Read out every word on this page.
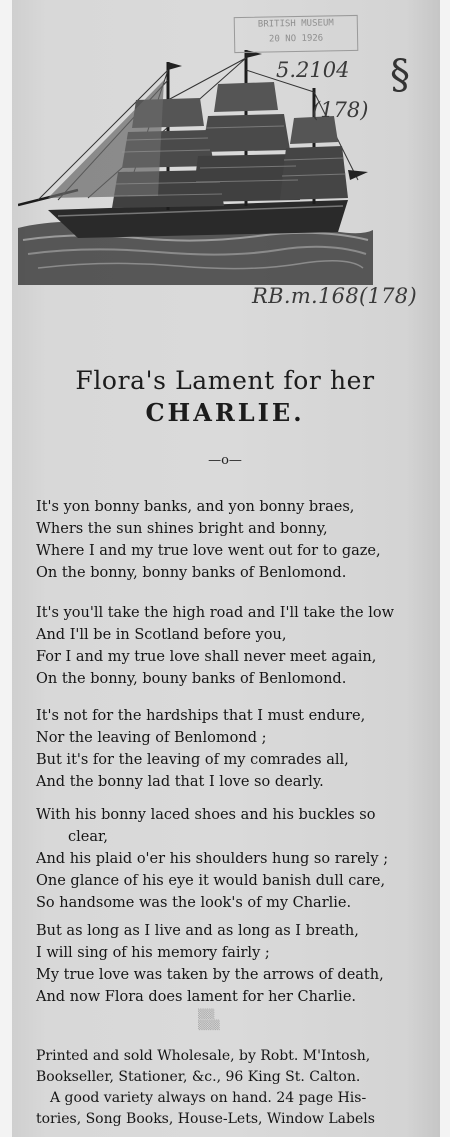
BRITISH MUSEUM
20 NO 1926
§
5.2104
(178)
RB.m.168(178)
Flora's Lament for her
CHARLIE.
—o—
It's yon bonny banks, and yon bonny braes,
Whers the sun shines bright and bonny,
Where I and my true love went out for to gaze,
On the bonny, bonny banks of Benlomond.
It's you'll take the high road and I'll take the low
And I'll be in Scotland before you,
For I and my true love shall never meet again,
On the bonny, bouny banks of Benlomond.
It's not for the hardships that I must endure,
Nor the leaving of Benlomond ;
But it's for the leaving of my comrades all,
And the bonny lad that I love so dearly.
With his bonny laced shoes and his buckles so
clear,
And his plaid o'er his shoulders hung so rarely ;
One glance of his eye it would banish dull care,
So handsome was the look's of my Charlie.
But as long as I live and as long as I breath,
I will sing of his memory fairly ;
My true love was taken by the arrows of death,
And now Flora does lament for her Charlie.
▒▒▒
▒▒▒▒
Printed and sold Wholesale, by Robt. M'Intosh,
Bookseller, Stationer, &c., 96 King St. Calton.
A good variety always on hand. 24 page His-
tories, Song Books, House-Lets, Window Labels
